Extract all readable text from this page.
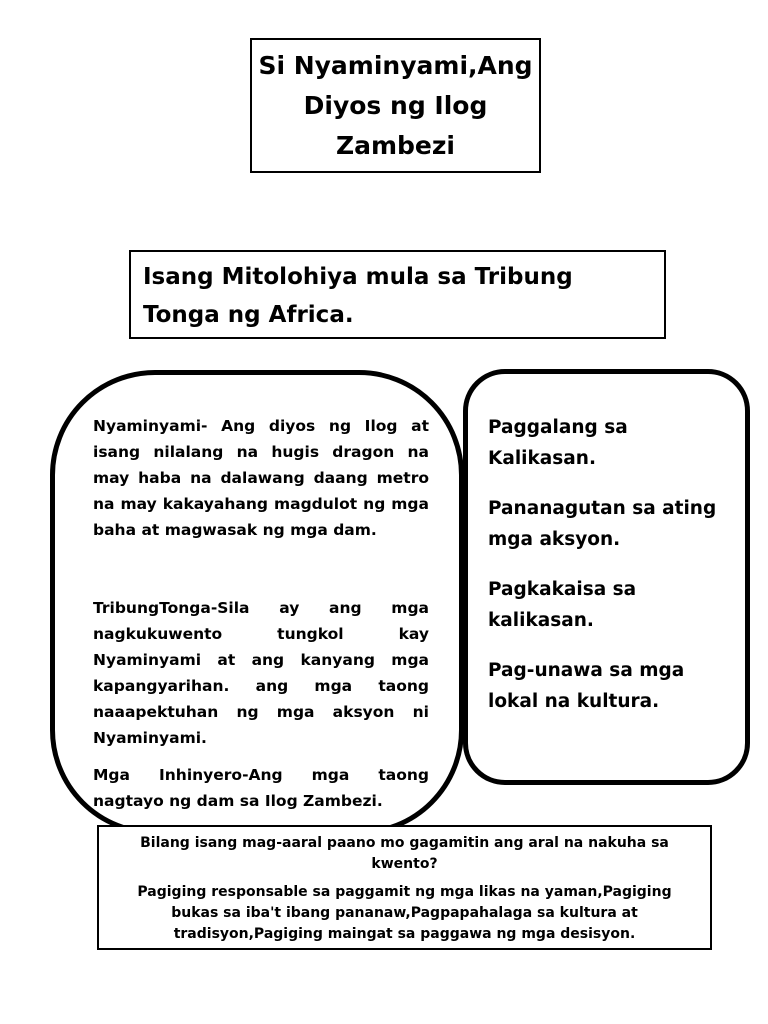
Si Nyaminyami,Ang
Diyos ng Ilog Zambezi
Isang Mitolohiya mula sa Tribung Tonga ng Africa.

Nyaminyami- Ang diyos ng Ilog at isang nilalang na hugis dragon na may haba na dalawang daang metro na may kakayahang magdulot ng mga baha at magwasak ng mga dam.

TribungTonga-Sila ay ang mga nagkukuwento tungkol kay Nyaminyami at ang kanyang mga kapangyarihan. ang mga taong naaapektuhan ng mga aksyon ni Nyaminyami.

Mga Inhinyero-Ang mga taong nagtayo ng dam sa Ilog Zambezi.

Paggalang sa Kalikasan.

Pananagutan sa ating mga aksyon.

Pagkakaisa sa kalikasan.

Pag-unawa sa mga lokal na kultura.

Bilang isang mag-aaral paano mo gagamitin ang aral na nakuha sa kwento?

Pagiging responsable sa paggamit ng mga likas na yaman,Pagiging bukas sa iba't ibang pananaw,Pagpapahalaga sa kultura at tradisyon,Pagiging maingat sa paggawa ng mga desisyon.
